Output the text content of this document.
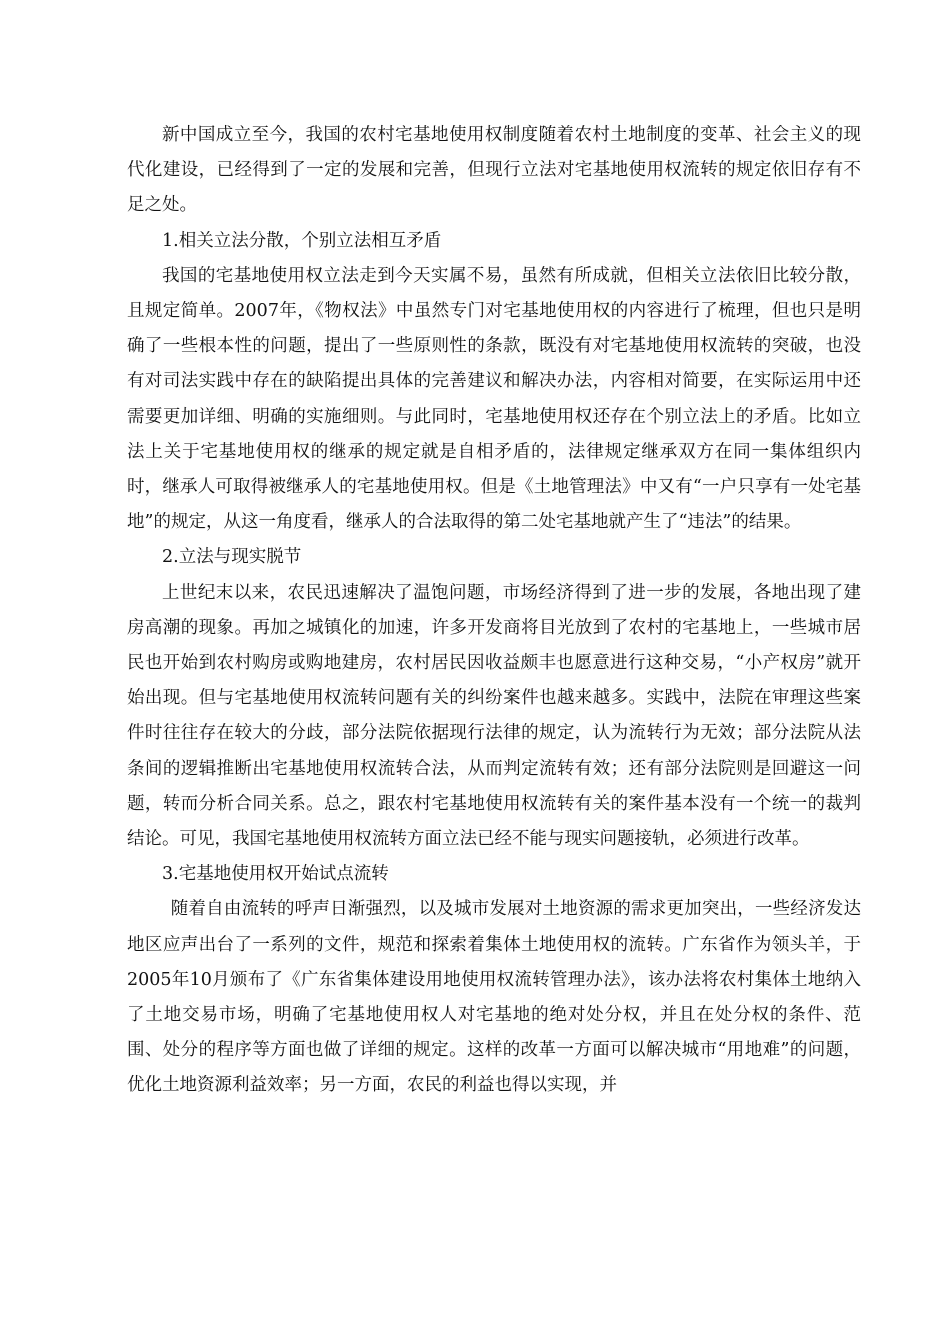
新中国成立至今，我国的农村宅基地使用权制度随着农村土地制度的变革、社会主义的现代化建设，已经得到了一定的发展和完善，但现行立法对宅基地使用权流转的规定依旧存有不足之处。

1.相关立法分散，个别立法相互矛盾

我国的宅基地使用权立法走到今天实属不易，虽然有所成就，但相关立法依旧比较分散，且规定简单。2007年，《物权法》中虽然专门对宅基地使用权的内容进行了梳理，但也只是明确了一些根本性的问题，提出了一些原则性的条款，既没有对宅基地使用权流转的突破，也没有对司法实践中存在的缺陷提出具体的完善建议和解决办法，内容相对简要，在实际运用中还需要更加详细、明确的实施细则。与此同时，宅基地使用权还存在个别立法上的矛盾。比如立法上关于宅基地使用权的继承的规定就是自相矛盾的，法律规定继承双方在同一集体组织内时，继承人可取得被继承人的宅基地使用权。但是《土地管理法》中又有“一户只享有一处宅基地”的规定，从这一角度看，继承人的合法取得的第二处宅基地就产生了“违法”的结果。

2.立法与现实脱节

上世纪末以来，农民迅速解决了温饱问题，市场经济得到了进一步的发展，各地出现了建房高潮的现象。再加之城镇化的加速，许多开发商将目光放到了农村的宅基地上，一些城市居民也开始到农村购房或购地建房，农村居民因收益颇丰也愿意进行这种交易，“小产权房”就开始出现。但与宅基地使用权流转问题有关的纠纷案件也越来越多。实践中，法院在审理这些案件时往往存在较大的分歧，部分法院依据现行法律的规定，认为流转行为无效；部分法院从法条间的逻辑推断出宅基地使用权流转合法，从而判定流转有效；还有部分法院则是回避这一问题，转而分析合同关系。总之，跟农村宅基地使用权流转有关的案件基本没有一个统一的裁判结论。可见，我国宅基地使用权流转方面立法已经不能与现实问题接轨，必须进行改革。

3.宅基地使用权开始试点流转

随着自由流转的呼声日渐强烈，以及城市发展对土地资源的需求更加突出，一些经济发达地区应声出台了一系列的文件，规范和探索着集体土地使用权的流转。广东省作为领头羊，于2005年10月颁布了《广东省集体建设用地使用权流转管理办法》，该办法将农村集体土地纳入了土地交易市场，明确了宅基地使用权人对宅基地的绝对处分权，并且在处分权的条件、范围、处分的程序等方面也做了详细的规定。这样的改革一方面可以解决城市“用地难”的问题，优化土地资源利益效率；另一方面，农民的利益也得以实现，并
